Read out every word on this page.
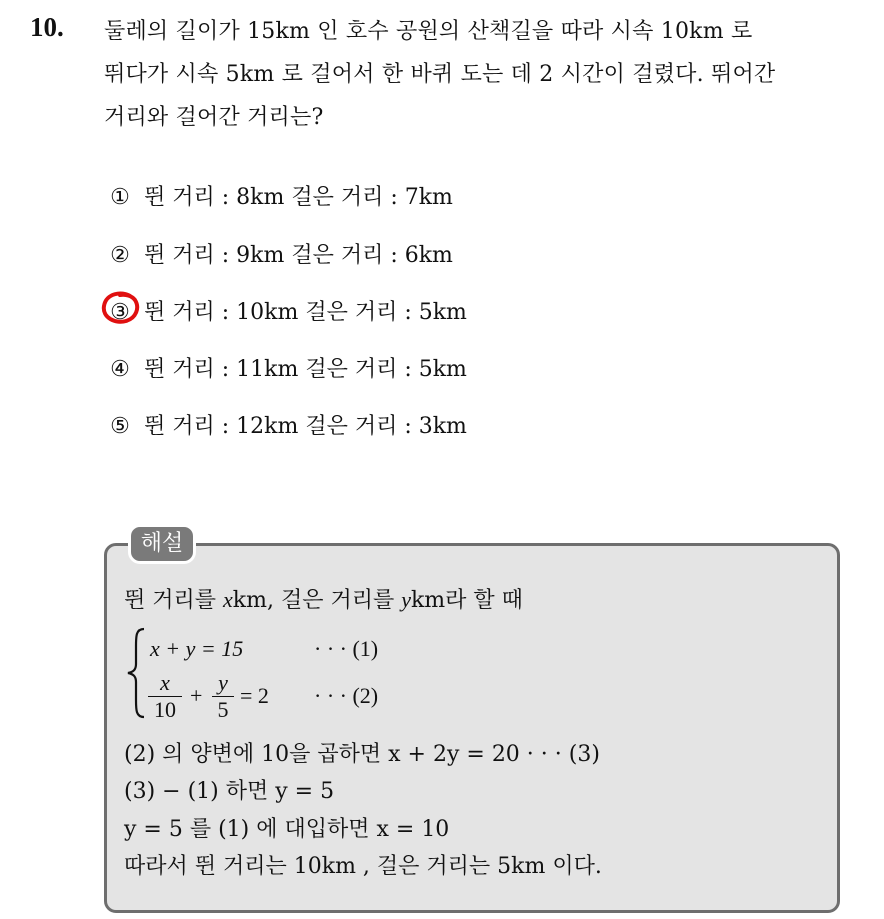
10. 둘레의 길이가 15km 인 호수 공원의 산책길을 따라 시속 10km 로
뛰다가 시속 5km 로 걸어서 한 바퀴 도는 데 2 시간이 걸렸다. 뛰어간
거리와 걸어간 거리는?
① 뛴 거리 : 8km 걸은 거리 : 7km
② 뛴 거리 : 9km 걸은 거리 : 6km
③ 뛴 거리 : 10km 걸은 거리 : 5km
④ 뛴 거리 : 11km 걸은 거리 : 5km
⑤ 뛴 거리 : 12km 걸은 거리 : 3km
해설
뛴 거리를 xkm, 걸은 거리를 ykm라 할 때
x + y = 15	· · · (1)
x
10
+
y
5
= 2 · · · (2)
(2) 의 양변에 10을 곱하면 x + 2y = 20 · · · (3)
(3) − (1) 하면 y = 5
y = 5 를 (1) 에 대입하면 x = 10
따라서 뛴 거리는 10km , 걸은 거리는 5km 이다.
